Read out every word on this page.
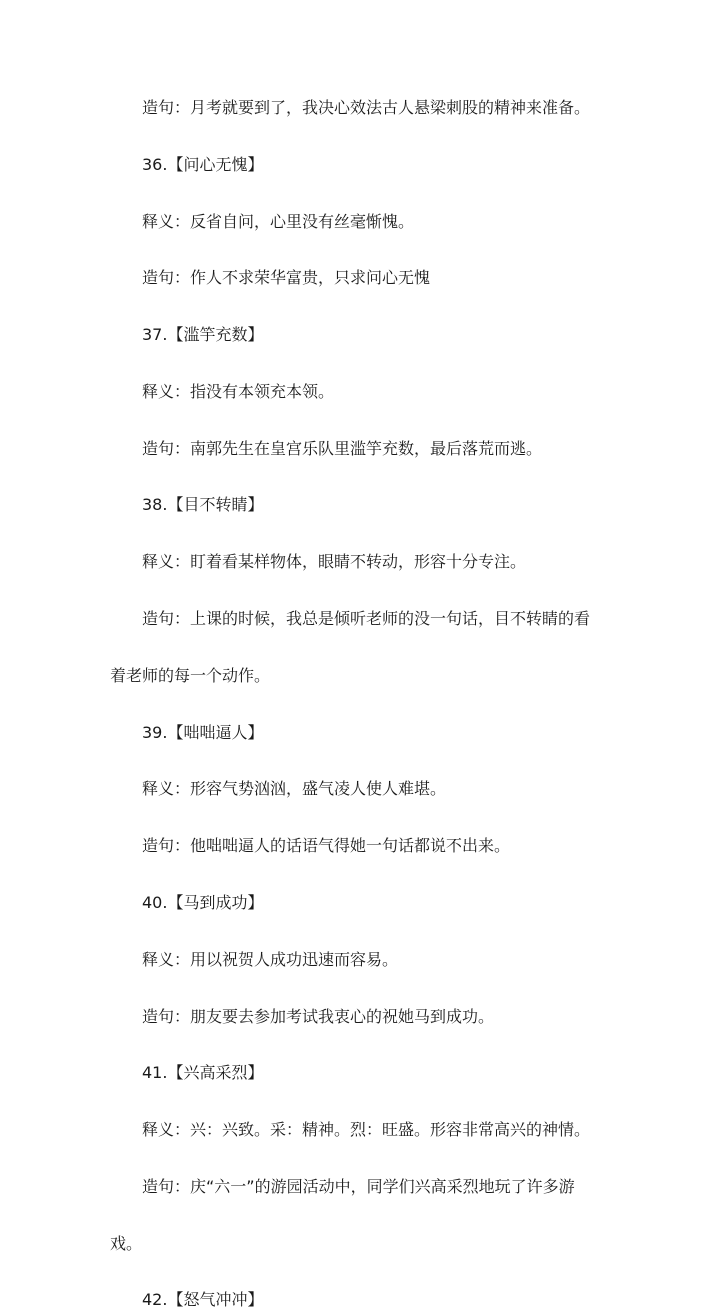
造句：月考就要到了，我决心效法古人悬梁刺股的精神来准备。

36.【问心无愧】

释义：反省自问，心里没有丝毫惭愧。

造句：作人不求荣华富贵，只求问心无愧

37.【滥竽充数】

释义：指没有本领充本领。

造句：南郭先生在皇宫乐队里滥竽充数，最后落荒而逃。

38.【目不转睛】

释义：盯着看某样物体，眼睛不转动，形容十分专注。

造句：上课的时候，我总是倾听老师的没一句话，目不转睛的看

着老师的每一个动作。

39.【咄咄逼人】

释义：形容气势汹汹，盛气凌人使人难堪。

造句：他咄咄逼人的话语气得她一句话都说不出来。

40.【马到成功】

释义：用以祝贺人成功迅速而容易。

造句：朋友要去参加考试我衷心的祝她马到成功。

41.【兴高采烈】

释义：兴：兴致。采：精神。烈：旺盛。形容非常高兴的神情。

造句：庆“六一”的游园活动中，同学们兴高采烈地玩了许多游

戏。

42.【怒气冲冲】
